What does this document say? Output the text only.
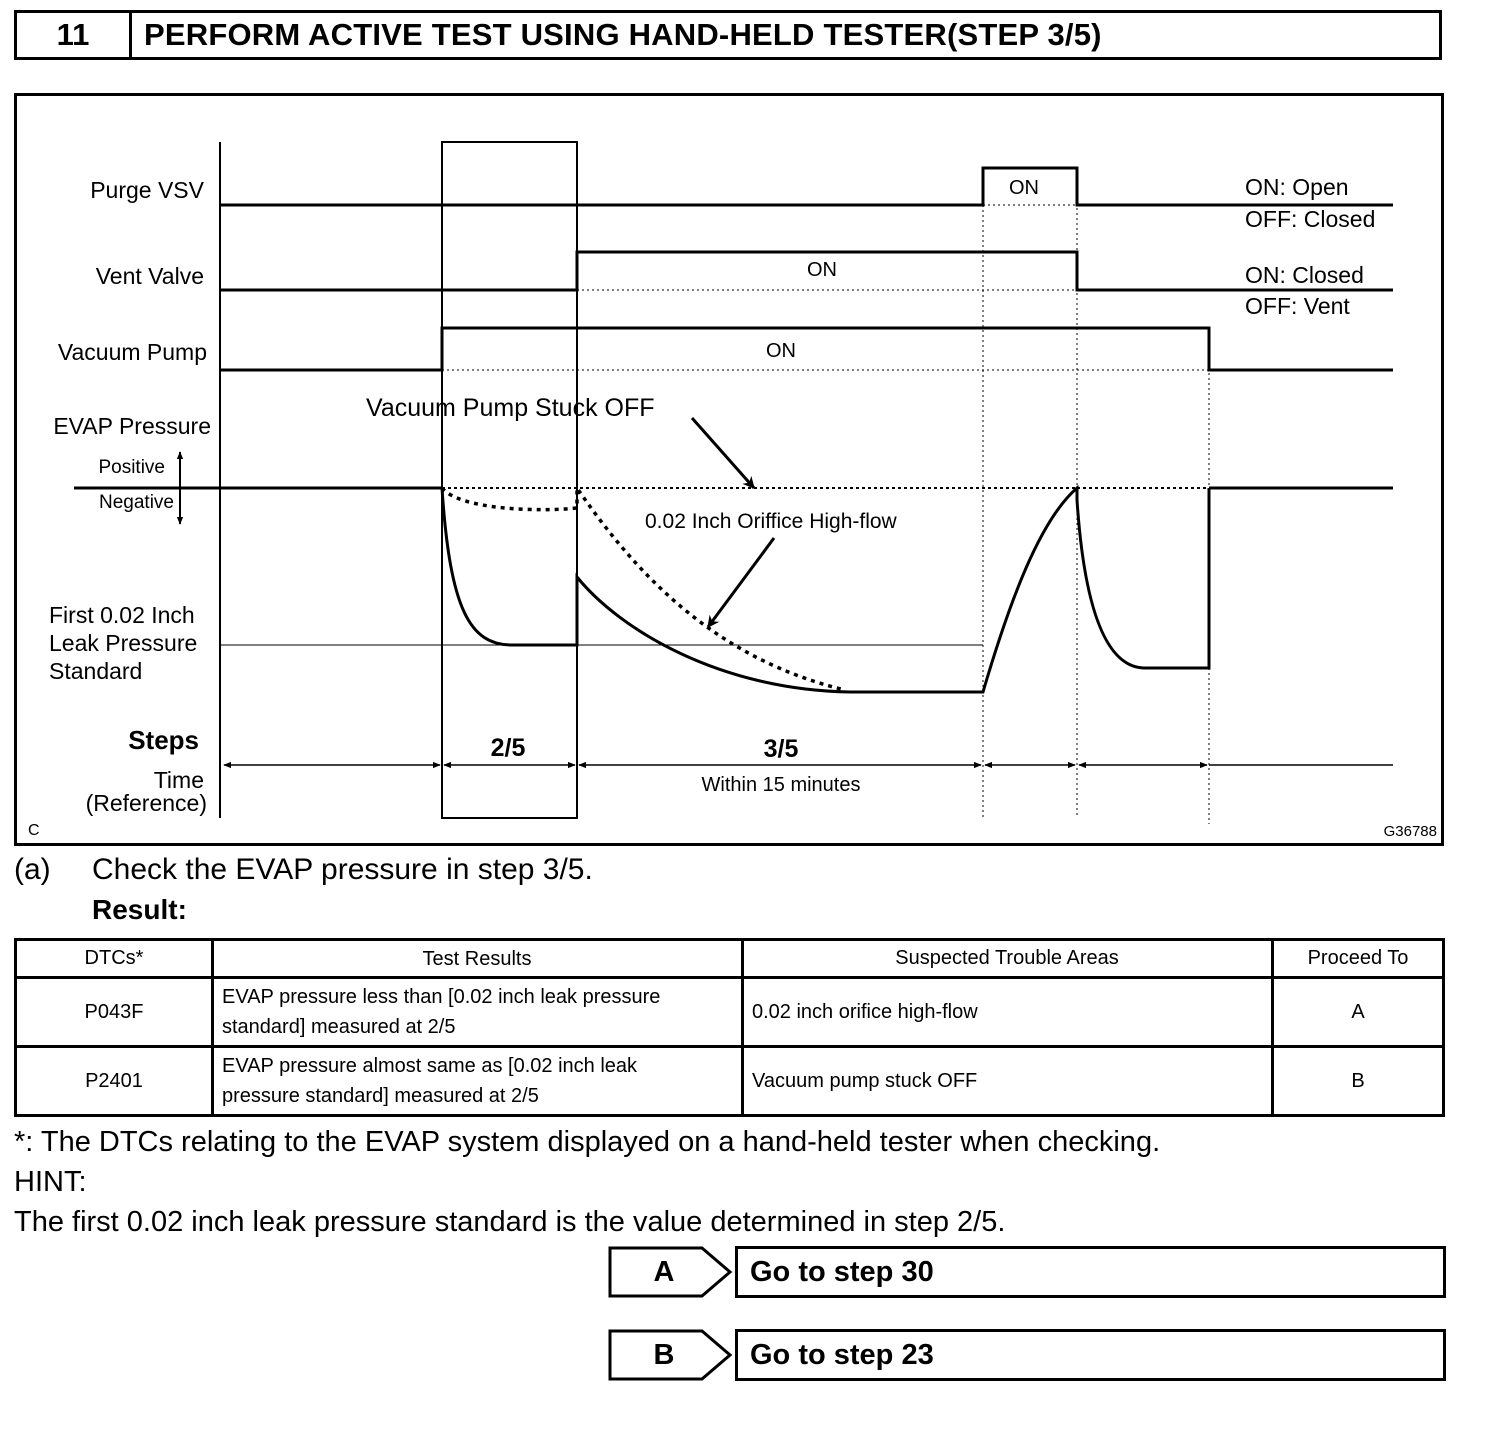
11	PERFORM ACTIVE TEST USING HAND-HELD TESTER(STEP 3/5)
Purge VSV
Vent Valve
Vacuum Pump
EVAP Pressure
Positive
Negative
First 0.02 Inch
Leak Pressure
Standard
Steps
Time
(Reference)
ON
ON
ON
ON: Open
OFF: Closed
ON: Closed
OFF: Vent
Vacuum Pump Stuck OFF
0.02 Inch Oriffice High-flow
2/5	3/5
Within 15 minutes
C	G36788
(a) Check the EVAP pressure in step 3/5.
Result:
DTCs*	Test Results	Suspected Trouble Areas	Proceed To
P043F	EVAP pressure less than [0.02 inch leak pressure
standard] measured at 2/5	0.02 inch orifice high-flow	A
P2401	EVAP pressure almost same as [0.02 inch leak
pressure standard] measured at 2/5	Vacuum pump stuck OFF	B
*: The DTCs relating to the EVAP system displayed on a hand-held tester when checking.
HINT:
The first 0.02 inch leak pressure standard is the value determined in step 2/5.
A	Go to step 30
B	Go to step 23
